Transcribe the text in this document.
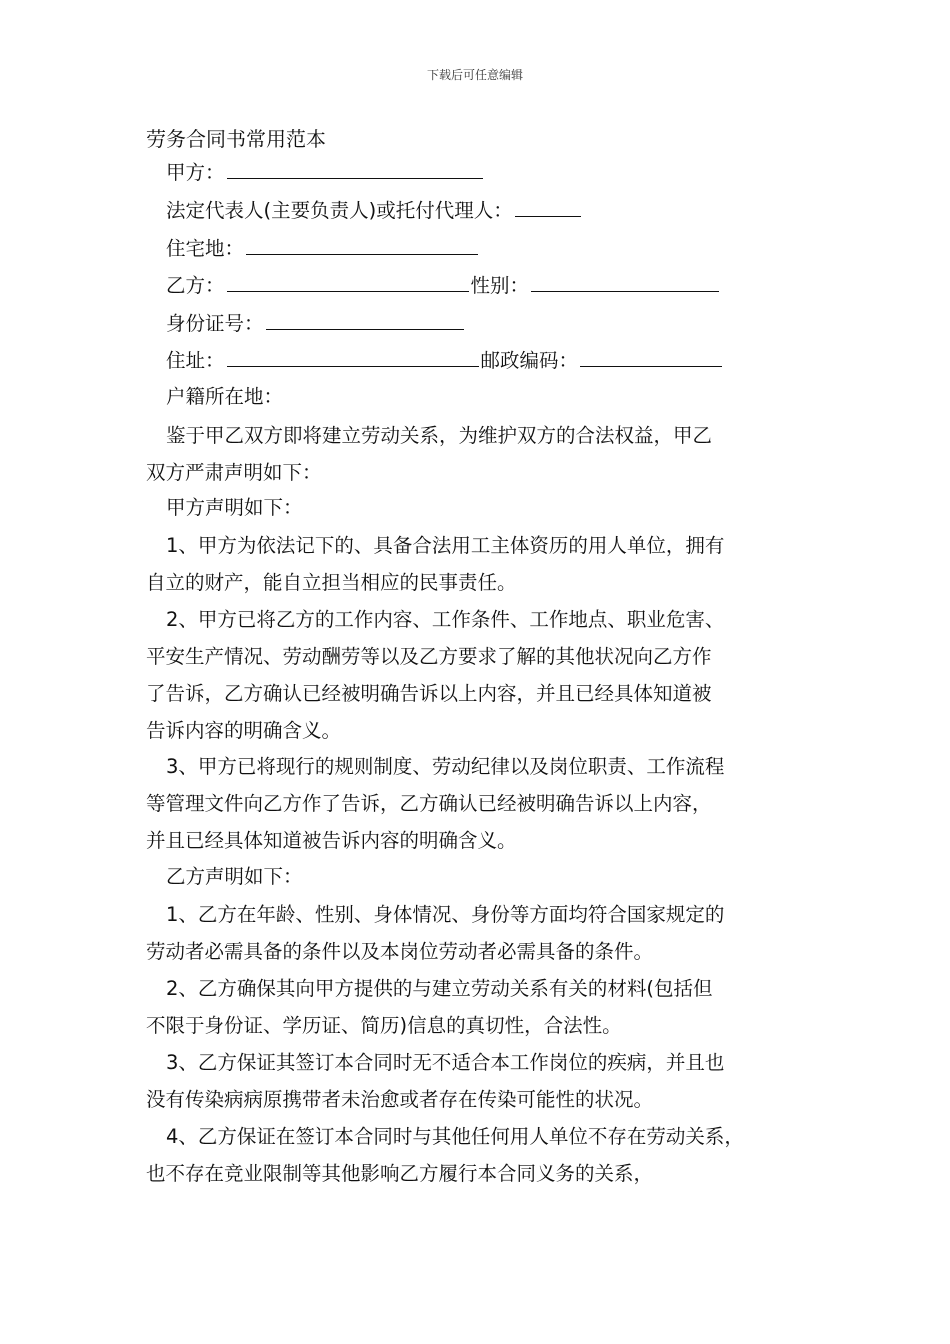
下载后可任意编辑
劳务合同书常用范本
甲方：
法定代表人(主要负责人)或托付代理人：
住宅地：
乙方：	性别：
身份证号：
住址：	邮政编码：
户籍所在地：
鉴于甲乙双方即将建立劳动关系，为维护双方的合法权益，甲乙
双方严肃声明如下：
甲方声明如下：
1、甲方为依法记下的、具备合法用工主体资历的用人单位，拥有
自立的财产，能自立担当相应的民事责任。
2、甲方已将乙方的工作内容、工作条件、工作地点、职业危害、
平安生产情况、劳动酬劳等以及乙方要求了解的其他状况向乙方作
了告诉，乙方确认已经被明确告诉以上内容，并且已经具体知道被
告诉内容的明确含义。
3、甲方已将现行的规则制度、劳动纪律以及岗位职责、工作流程
等管理文件向乙方作了告诉，乙方确认已经被明确告诉以上内容，
并且已经具体知道被告诉内容的明确含义。
乙方声明如下：
1、乙方在年龄、性别、身体情况、身份等方面均符合国家规定的
劳动者必需具备的条件以及本岗位劳动者必需具备的条件。
2、乙方确保其向甲方提供的与建立劳动关系有关的材料(包括但
不限于身份证、学历证、简历)信息的真切性，合法性。
3、乙方保证其签订本合同时无不适合本工作岗位的疾病，并且也
没有传染病病原携带者未治愈或者存在传染可能性的状况。
4、乙方保证在签订本合同时与其他任何用人单位不存在劳动关系，
也不存在竞业限制等其他影响乙方履行本合同义务的关系，
